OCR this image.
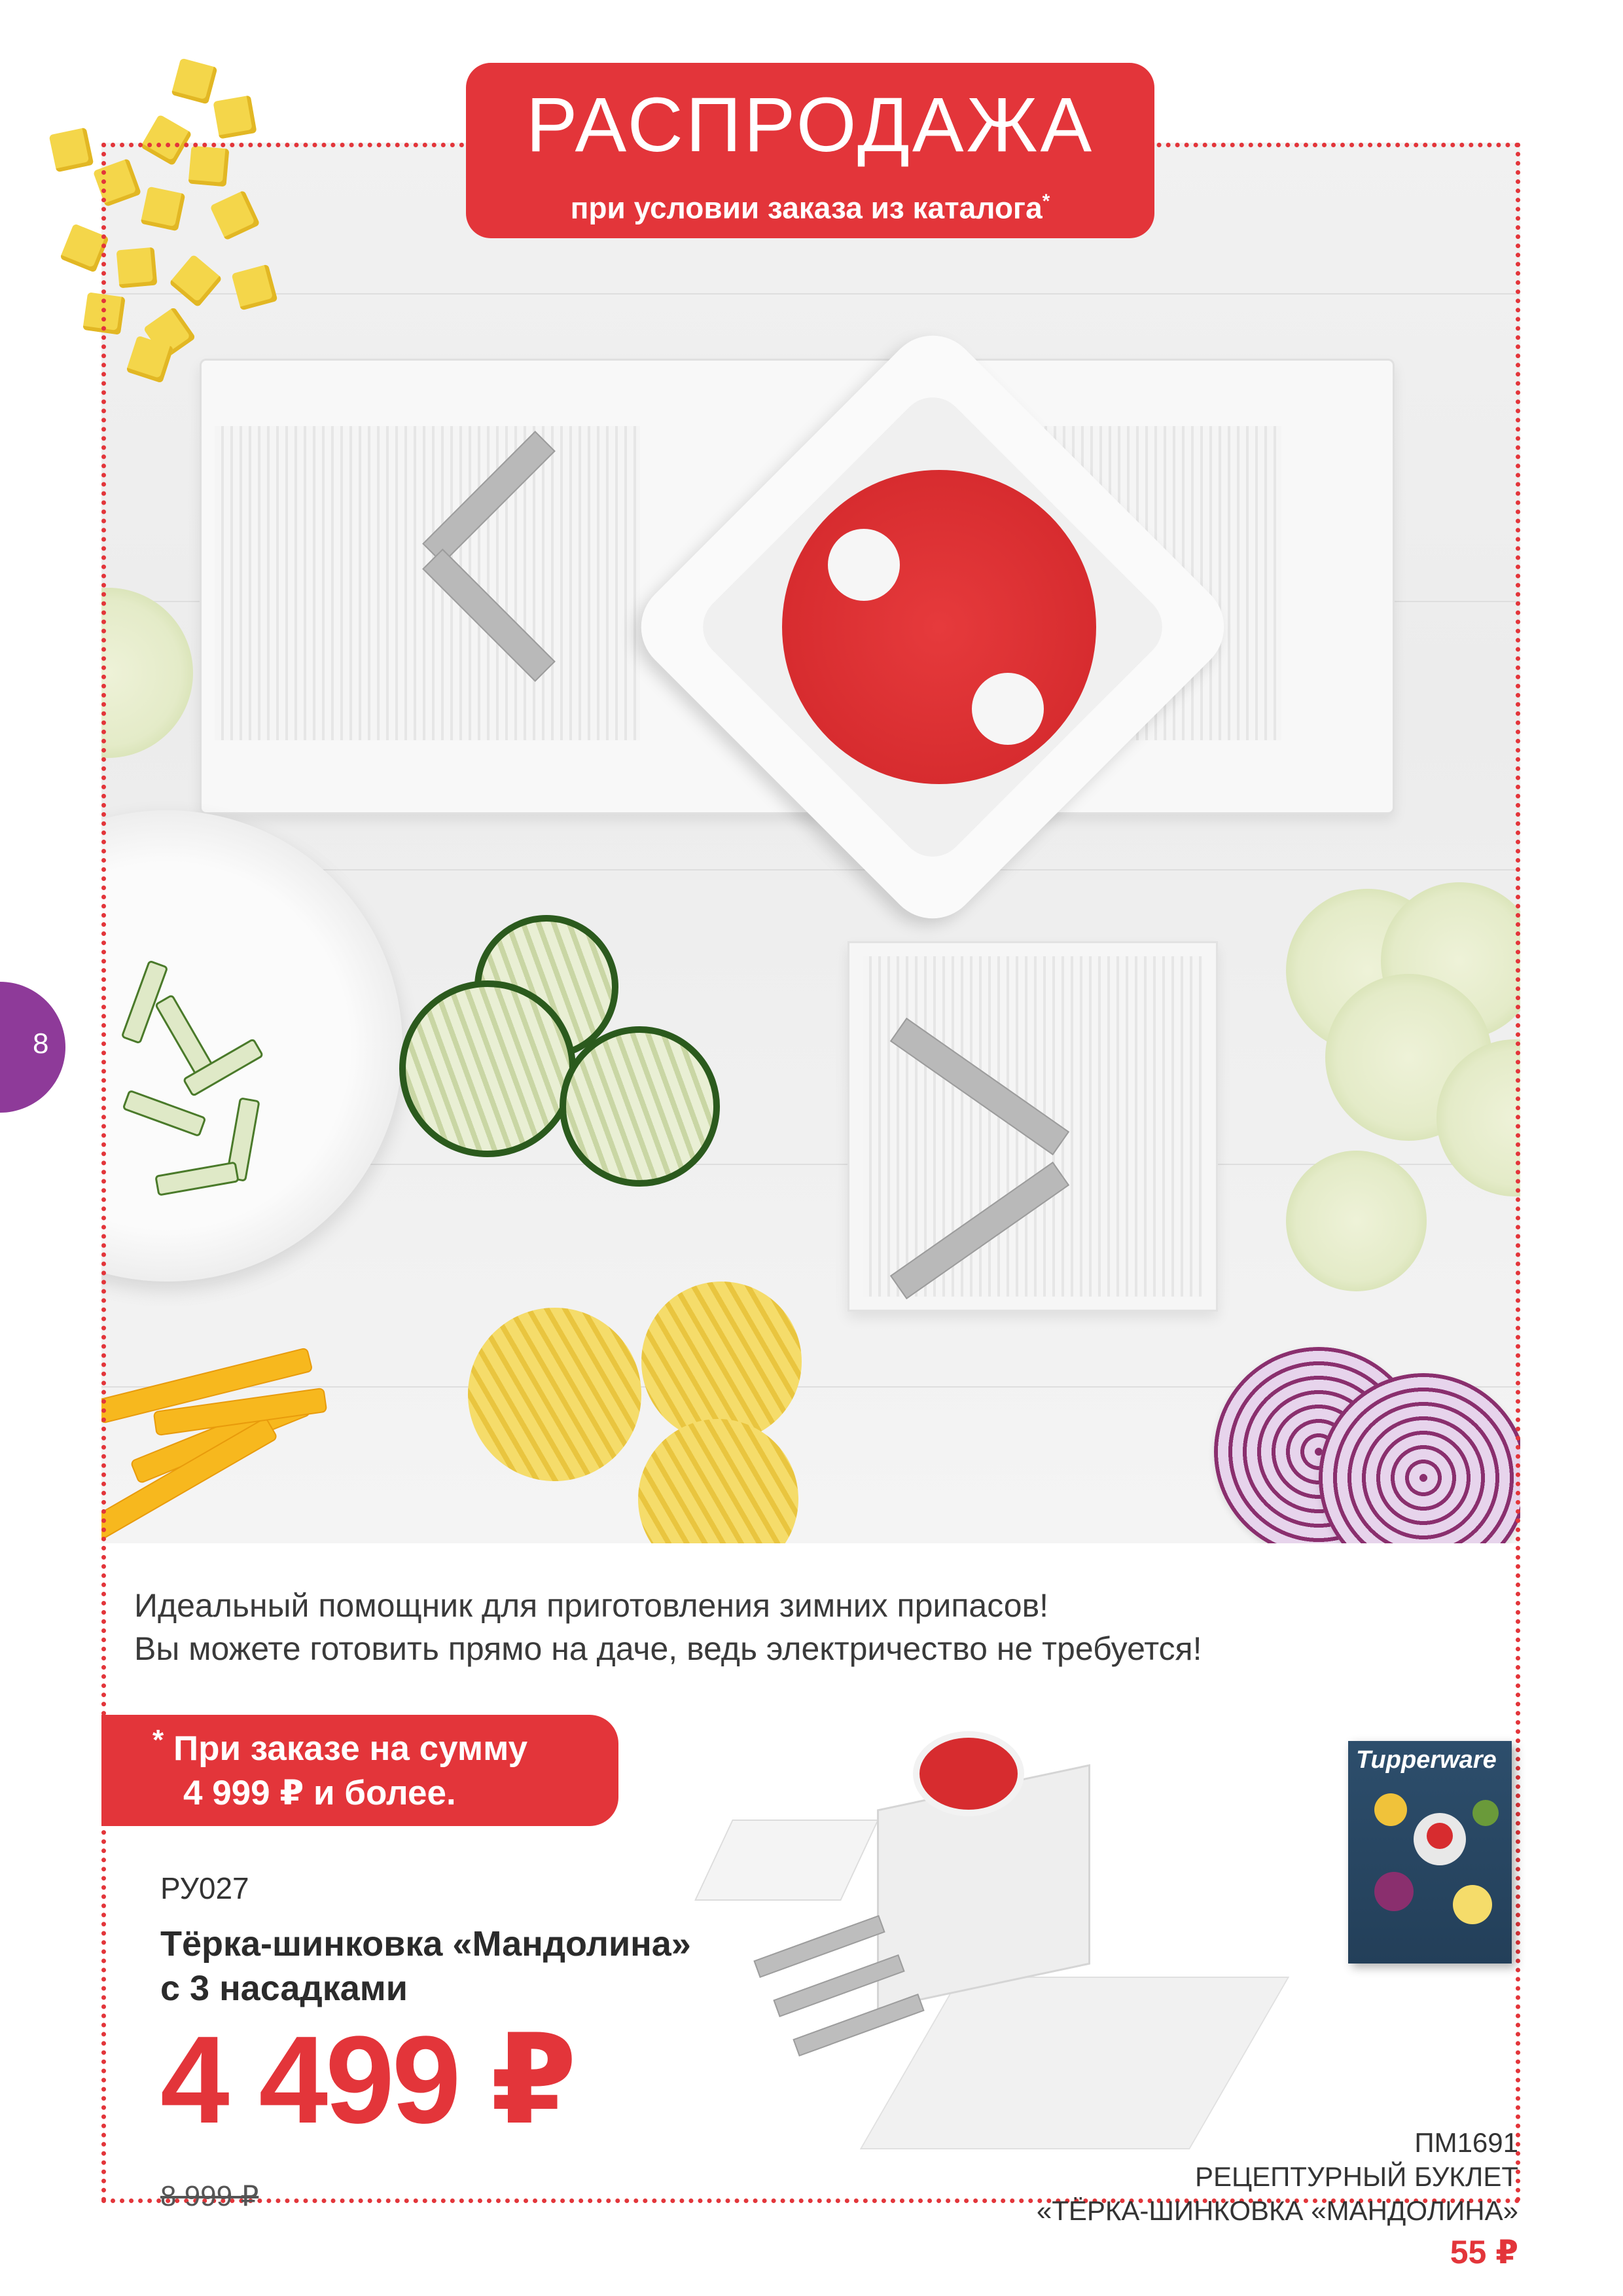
РАСПРОДАЖА
при условии заказа из каталога*
8
Идеальный помощник для приготовления зимних припасов!
Вы можете готовить прямо на даче, ведь электричество не требуется!
* При заказе на сумму
4 999 ₽ и более.
РУ027
Тёрка-шинковка «Мандолина»
с 3 насадками
4 499 ₽
8 999 ₽
Tupperware
ПМ1691
РЕЦЕПТУРНЫЙ БУКЛЕТ
«ТЁРКА-ШИНКОВКА «МАНДОЛИНА»
55 ₽
